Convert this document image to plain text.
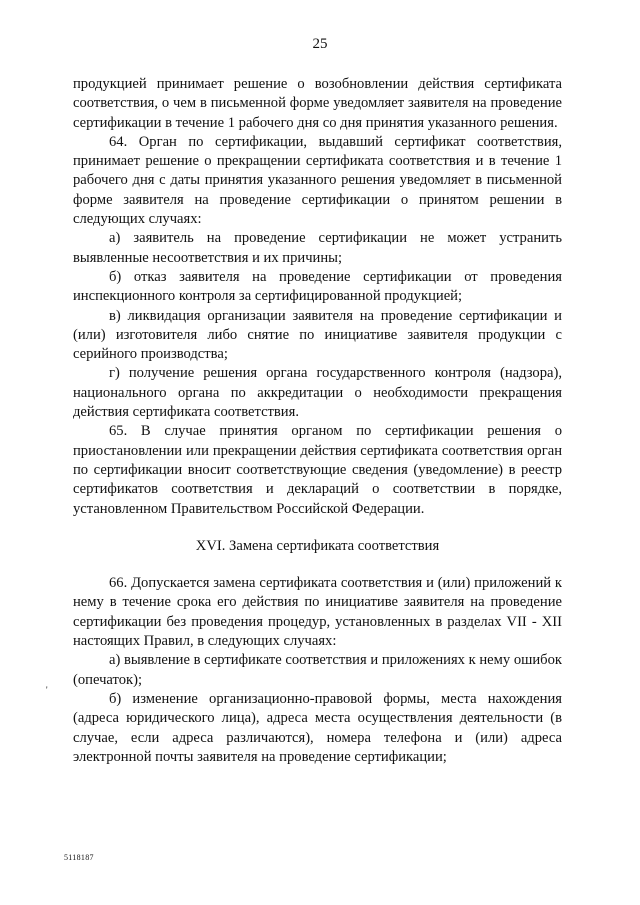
25

продукцией принимает решение о возобновлении действия сертификата соответствия, о чем в письменной форме уведомляет заявителя на проведение сертификации в течение 1 рабочего дня со дня принятия указанного решения.

64. Орган по сертификации, выдавший сертификат соответствия, принимает решение о прекращении сертификата соответствия и в течение 1 рабочего дня с даты принятия указанного решения уведомляет в письменной форме заявителя на проведение сертификации о принятом решении в следующих случаях:

а) заявитель на проведение сертификации не может устранить выявленные несоответствия и их причины;

б) отказ заявителя на проведение сертификации от проведения инспекционного контроля за сертифицированной продукцией;

в) ликвидация организации заявителя на проведение сертификации и (или) изготовителя либо снятие по инициативе заявителя продукции с серийного производства;

г) получение решения органа государственного контроля (надзора), национального органа по аккредитации о необходимости прекращения действия сертификата соответствия.

65. В случае принятия органом по сертификации решения о приостановлении или прекращении действия сертификата соответствия орган по сертификации вносит соответствующие сведения (уведомление) в реестр сертификатов соответствия и деклараций о соответствии в порядке, установленном Правительством Российской Федерации.

XVI. Замена сертификата соответствия

66. Допускается замена сертификата соответствия и (или) приложений к нему в течение срока его действия по инициативе заявителя на проведение сертификации без проведения процедур, установленных в разделах VII - XII настоящих Правил, в следующих случаях:

а) выявление в сертификате соответствия и приложениях к нему ошибок (опечаток);

б) изменение организационно-правовой формы, места нахождения (адреса юридического лица), адреса места осуществления деятельности (в случае, если адреса различаются), номера телефона и (или) адреса электронной почты заявителя на проведение сертификации;

'
5118187
